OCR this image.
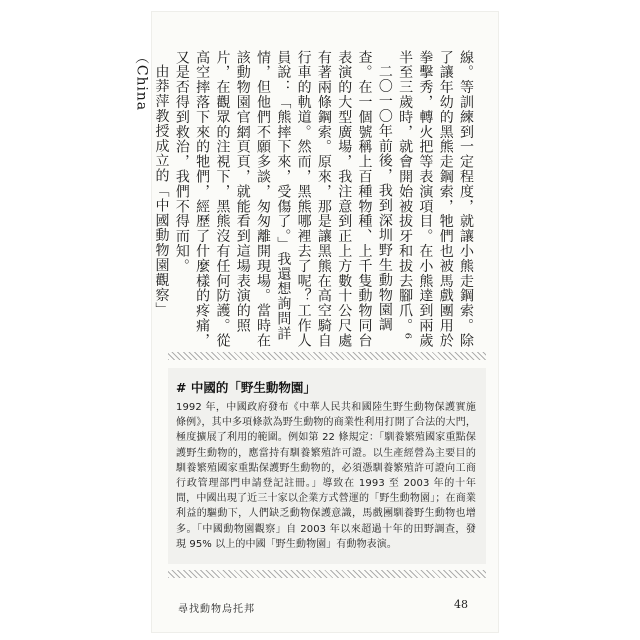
線。等訓練到一定程度，就讓小熊走鋼索。除了讓年幼的黑熊走鋼索，牠們也被馬戲團用於拳擊秀，轉火把等表演項目。在小熊達到兩歲半至三歲時，就會開始被拔牙和拔去腳爪。⁶

二〇一〇年前後，我到深圳野生動物園調查。在一個號稱上百種物種、上千隻動物同台表演的大型廣場，我注意到正上方數十公尺處有著兩條鋼索。原來，那是讓黑熊在高空騎自行車的軌道。然而，黑熊哪裡去了呢？工作人員說：「熊摔下來，受傷了。」我還想詢問詳情，但他們不願多談，匆匆離開現場。當時在該動物園官網頁頁，就能看到這場表演的照片，在觀眾的注視下，黑熊沒有任何防護。從高空摔落下來的牠們，經歷了什麼樣的疼痛，又是否得到救治，我們不得而知。

由莽萍教授成立的「中國動物園觀察」（China

# 中國的「野生動物園」
1992 年，中國政府發布《中華人民共和國陸生野生動物保護實施條例》，其中多項條款為野生動物的商業性利用打開了合法的大門，極度擴展了利用的範圍。例如第 22 條規定：「馴養繁殖國家重點保護野生動物的，應當持有馴養繁殖許可證。以生產經營為主要目的馴養繁殖國家重點保護野生動物的，必須憑馴養繁殖許可證向工商行政管理部門申請登記註冊。」導致在 1993 至 2003 年的十年間，中國出現了近三十家以企業方式營運的「野生動物園」；在商業利益的驅動下，人們缺乏動物保護意識，馬戲團馴養野生動物也增多。「中國動物園觀察」自 2003 年以來超過十年的田野調查，發現 95% 以上的中國「野生動物園」有動物表演。
尋找動物烏托邦	48
